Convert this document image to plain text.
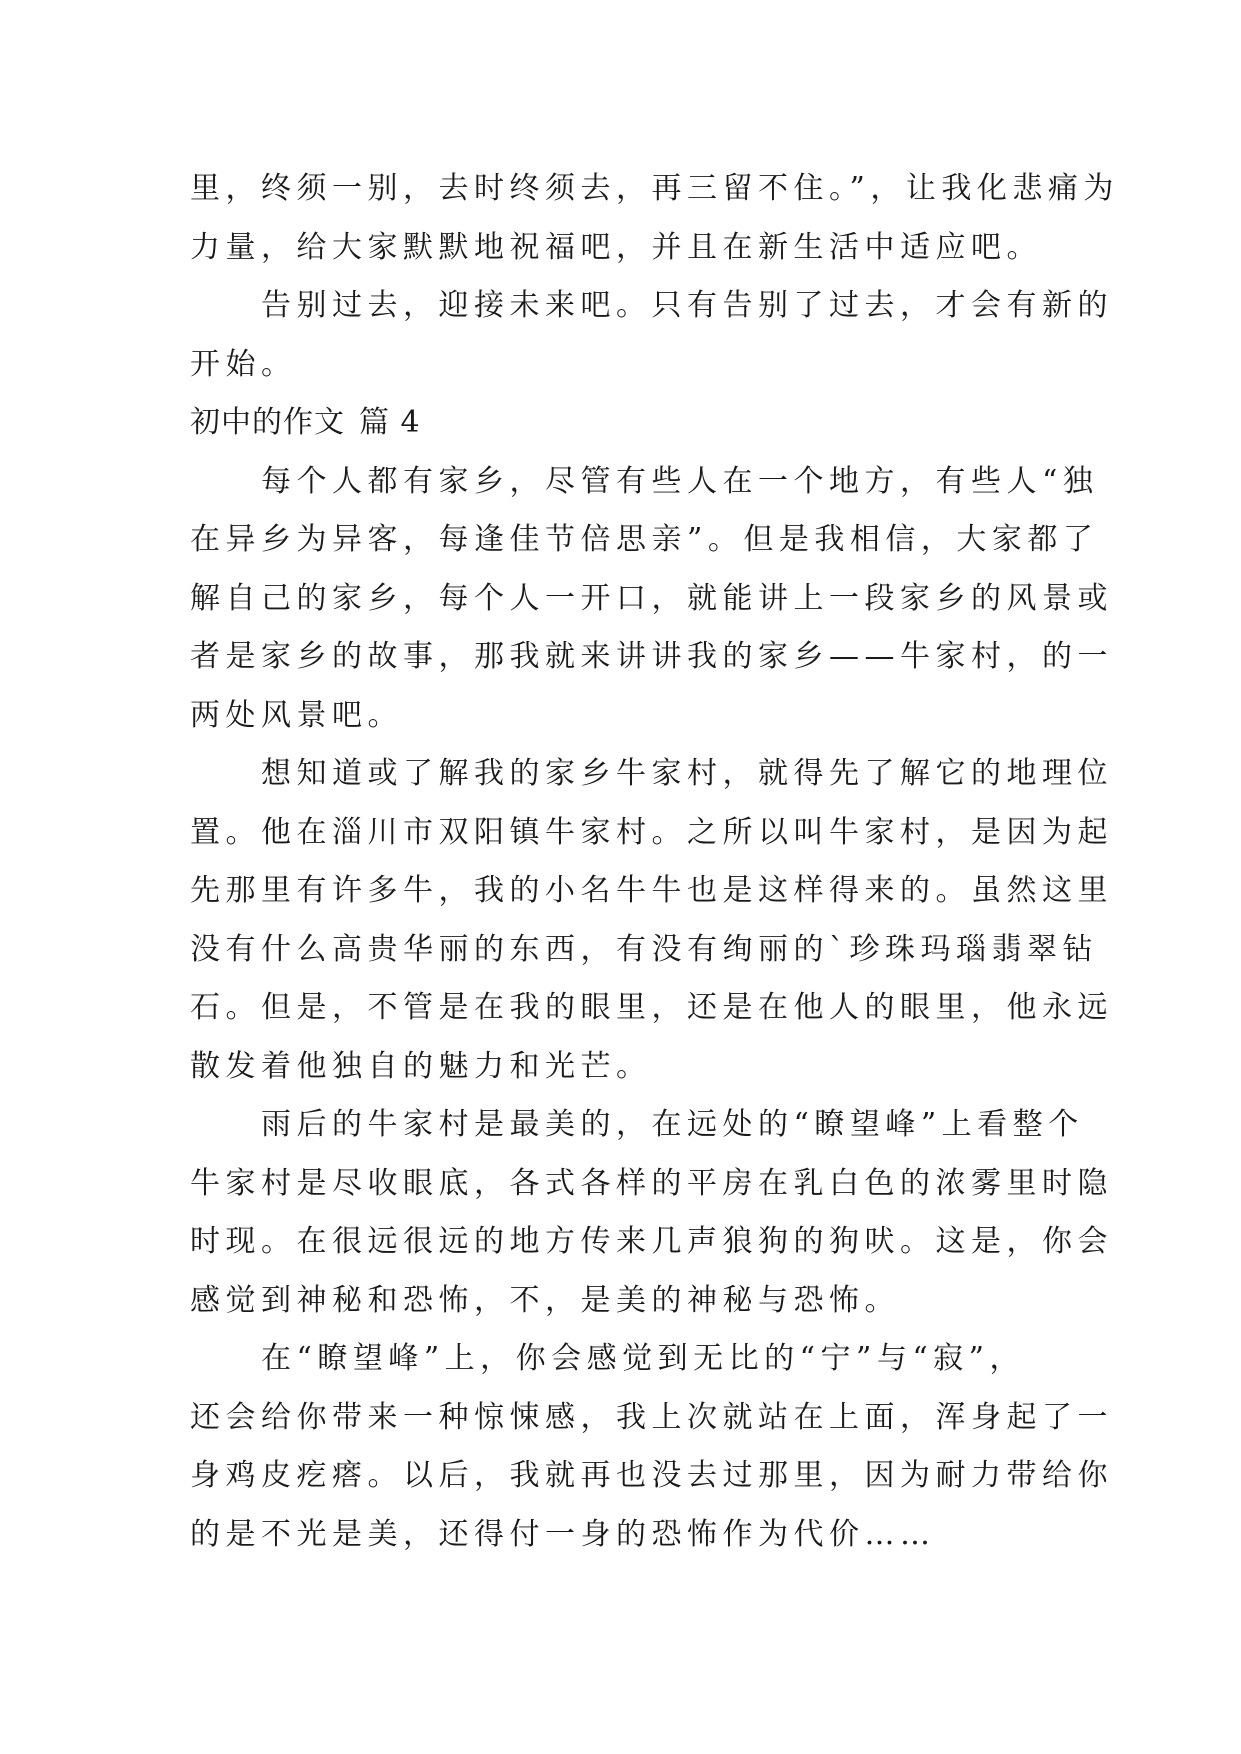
里，终须一别，去时终须去，再三留不住。”，让我化悲痛为
力量，给大家默默地祝福吧，并且在新生活中适应吧。
　　告别过去，迎接未来吧。只有告别了过去，才会有新的
开始。
初中的作文 篇 4
　　每个人都有家乡，尽管有些人在一个地方，有些人“独
在异乡为异客，每逢佳节倍思亲”。但是我相信，大家都了
解自己的家乡，每个人一开口，就能讲上一段家乡的风景或
者是家乡的故事，那我就来讲讲我的家乡——牛家村，的一
两处风景吧。
　　想知道或了解我的家乡牛家村，就得先了解它的地理位
置。他在淄川市双阳镇牛家村。之所以叫牛家村，是因为起
先那里有许多牛，我的小名牛牛也是这样得来的。虽然这里
没有什么高贵华丽的东西，有没有绚丽的`珍珠玛瑙翡翠钻
石。但是，不管是在我的眼里，还是在他人的眼里，他永远
散发着他独自的魅力和光芒。
　　雨后的牛家村是最美的，在远处的“瞭望峰”上看整个
牛家村是尽收眼底，各式各样的平房在乳白色的浓雾里时隐
时现。在很远很远的地方传来几声狼狗的狗吠。这是，你会
感觉到神秘和恐怖，不，是美的神秘与恐怖。
　　在“瞭望峰”上，你会感觉到无比的“宁”与“寂”，
还会给你带来一种惊悚感，我上次就站在上面，浑身起了一
身鸡皮疙瘩。以后，我就再也没去过那里，因为耐力带给你
的是不光是美，还得付一身的恐怖作为代价……
